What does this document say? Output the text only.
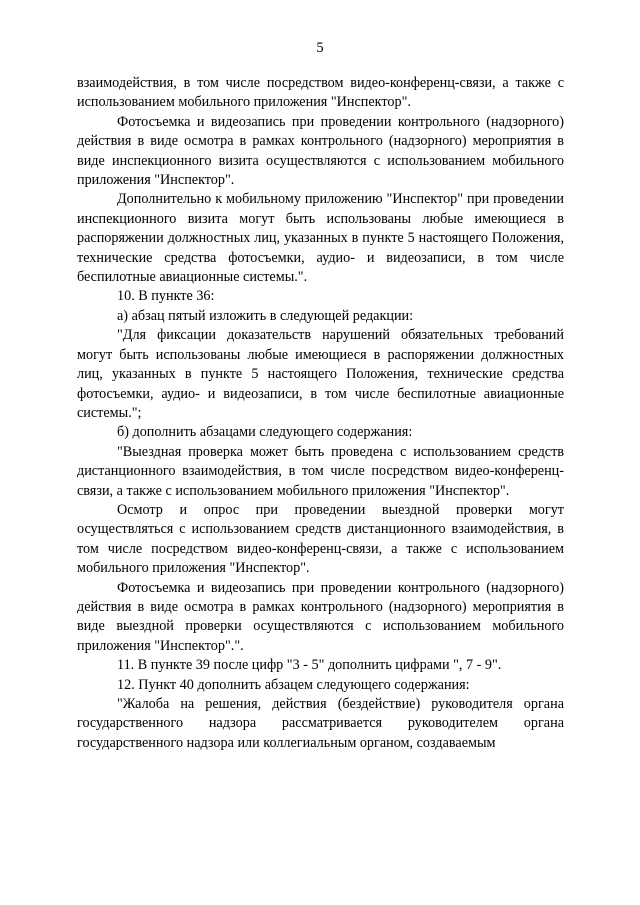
5

взаимодействия, в том числе посредством видео-конференц-связи, а также с использованием мобильного приложения "Инспектор".

Фотосъемка и видеозапись при проведении контрольного (надзорного) действия в виде осмотра в рамках контрольного (надзорного) мероприятия в виде инспекционного визита осуществляются с использованием мобильного приложения "Инспектор".

Дополнительно к мобильному приложению "Инспектор" при проведении инспекционного визита могут быть использованы любые имеющиеся в распоряжении должностных лиц, указанных в пункте 5 настоящего Положения, технические средства фотосъемки, аудио- и видеозаписи, в том числе беспилотные авиационные системы.".

10. В пункте 36:

а) абзац пятый изложить в следующей редакции:

"Для фиксации доказательств нарушений обязательных требований могут быть использованы любые имеющиеся в распоряжении должностных лиц, указанных в пункте 5 настоящего Положения, технические средства фотосъемки, аудио- и видеозаписи, в том числе беспилотные авиационные системы.";

б) дополнить абзацами следующего содержания:

"Выездная проверка может быть проведена с использованием средств дистанционного взаимодействия, в том числе посредством видео-конференц-связи, а также с использованием мобильного приложения "Инспектор".

Осмотр и опрос при проведении выездной проверки могут осуществляться с использованием средств дистанционного взаимодействия, в том числе посредством видео-конференц-связи, а также с использованием мобильного приложения "Инспектор".

Фотосъемка и видеозапись при проведении контрольного (надзорного) действия в виде осмотра в рамках контрольного (надзорного) мероприятия в виде выездной проверки осуществляются с использованием мобильного приложения "Инспектор".".

11. В пункте 39 после цифр "3 - 5" дополнить цифрами ", 7 - 9".

12. Пункт 40 дополнить абзацем следующего содержания:

"Жалоба на решения, действия (бездействие) руководителя органа государственного надзора рассматривается руководителем органа государственного надзора или коллегиальным органом, создаваемым
